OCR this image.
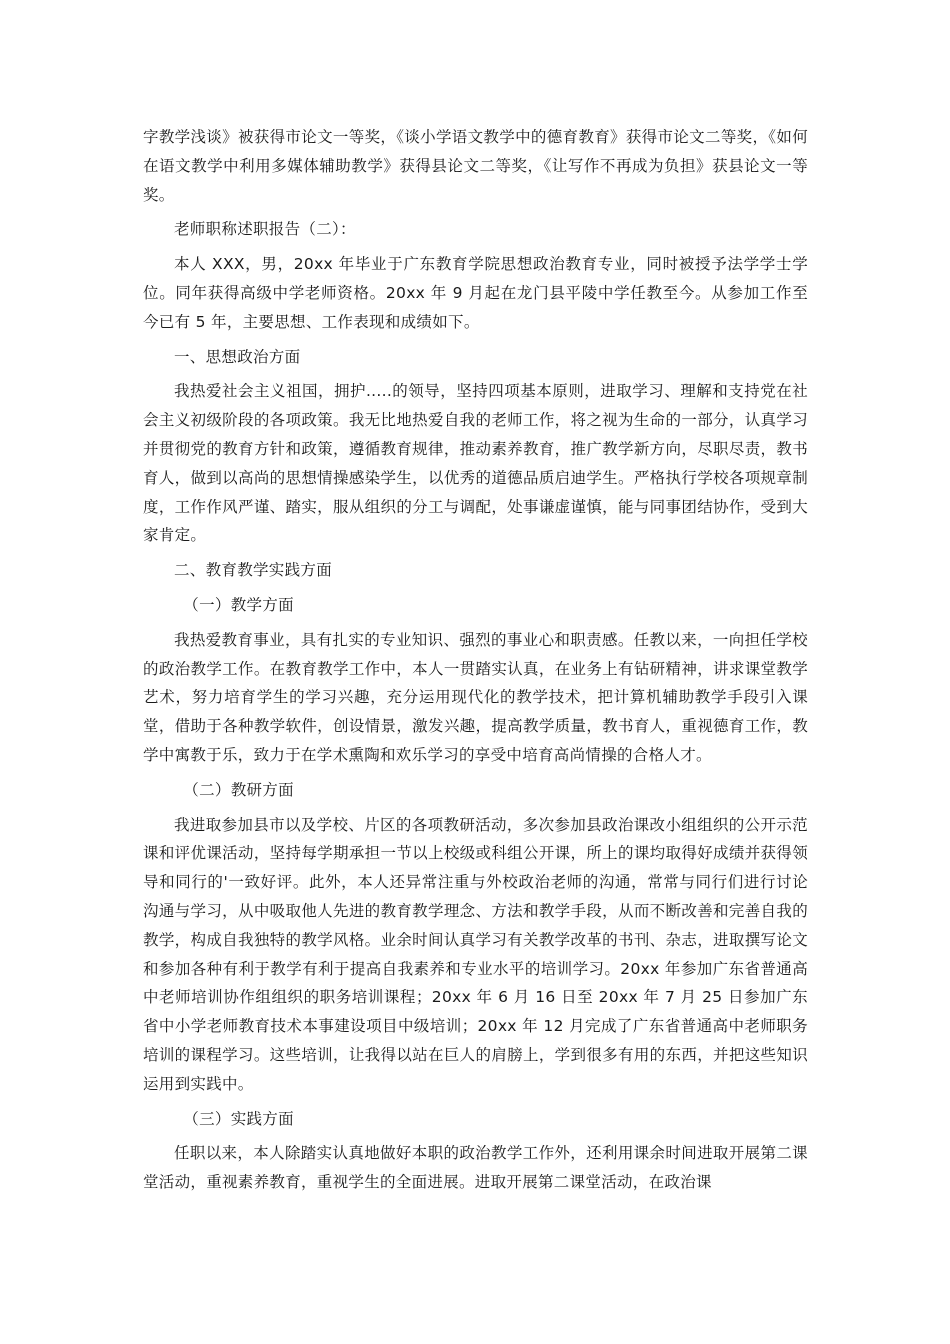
字教学浅谈》被获得市论文一等奖，《谈小学语文教学中的德育教育》获得市论文二等奖，《如何在语文教学中利用多媒体辅助教学》获得县论文二等奖，《让写作不再成为负担》获县论文一等奖。

老师职称述职报告（二）：

本人 XXX，男，20xx 年毕业于广东教育学院思想政治教育专业，同时被授予法学学士学位。同年获得高级中学老师资格。20xx 年 9 月起在龙门县平陵中学任教至今。从参加工作至今已有 5 年，主要思想、工作表现和成绩如下。

一、思想政治方面

我热爱社会主义祖国，拥护.....的领导，坚持四项基本原则，进取学习、理解和支持党在社会主义初级阶段的各项政策。我无比地热爱自我的老师工作，将之视为生命的一部分，认真学习并贯彻党的教育方针和政策，遵循教育规律，推动素养教育，推广教学新方向，尽职尽责，教书育人，做到以高尚的思想情操感染学生，以优秀的道德品质启迪学生。严格执行学校各项规章制度，工作作风严谨、踏实，服从组织的分工与调配，处事谦虚谨慎，能与同事团结协作，受到大家肯定。

二、教育教学实践方面

（一）教学方面

我热爱教育事业，具有扎实的专业知识、强烈的事业心和职责感。任教以来，一向担任学校的政治教学工作。在教育教学工作中，本人一贯踏实认真，在业务上有钻研精神，讲求课堂教学艺术，努力培育学生的学习兴趣，充分运用现代化的教学技术，把计算机辅助教学手段引入课堂，借助于各种教学软件，创设情景，激发兴趣，提高教学质量，教书育人，重视德育工作，教学中寓教于乐，致力于在学术熏陶和欢乐学习的享受中培育高尚情操的合格人才。

（二）教研方面

我进取参加县市以及学校、片区的各项教研活动，多次参加县政治课改小组组织的公开示范课和评优课活动，坚持每学期承担一节以上校级或科组公开课，所上的课均取得好成绩并获得领导和同行的'一致好评。此外，本人还异常注重与外校政治老师的沟通，常常与同行们进行讨论沟通与学习，从中吸取他人先进的教育教学理念、方法和教学手段，从而不断改善和完善自我的教学，构成自我独特的教学风格。业余时间认真学习有关教学改革的书刊、杂志，进取撰写论文和参加各种有利于教学有利于提高自我素养和专业水平的培训学习。20xx 年参加广东省普通高中老师培训协作组组织的职务培训课程；20xx 年 6 月 16 日至 20xx 年 7 月 25 日参加广东省中小学老师教育技术本事建设项目中级培训；20xx 年 12 月完成了广东省普通高中老师职务培训的课程学习。这些培训，让我得以站在巨人的肩膀上，学到很多有用的东西，并把这些知识运用到实践中。

（三）实践方面

任职以来，本人除踏实认真地做好本职的政治教学工作外，还利用课余时间进取开展第二课堂活动，重视素养教育，重视学生的全面进展。进取开展第二课堂活动，在政治课
